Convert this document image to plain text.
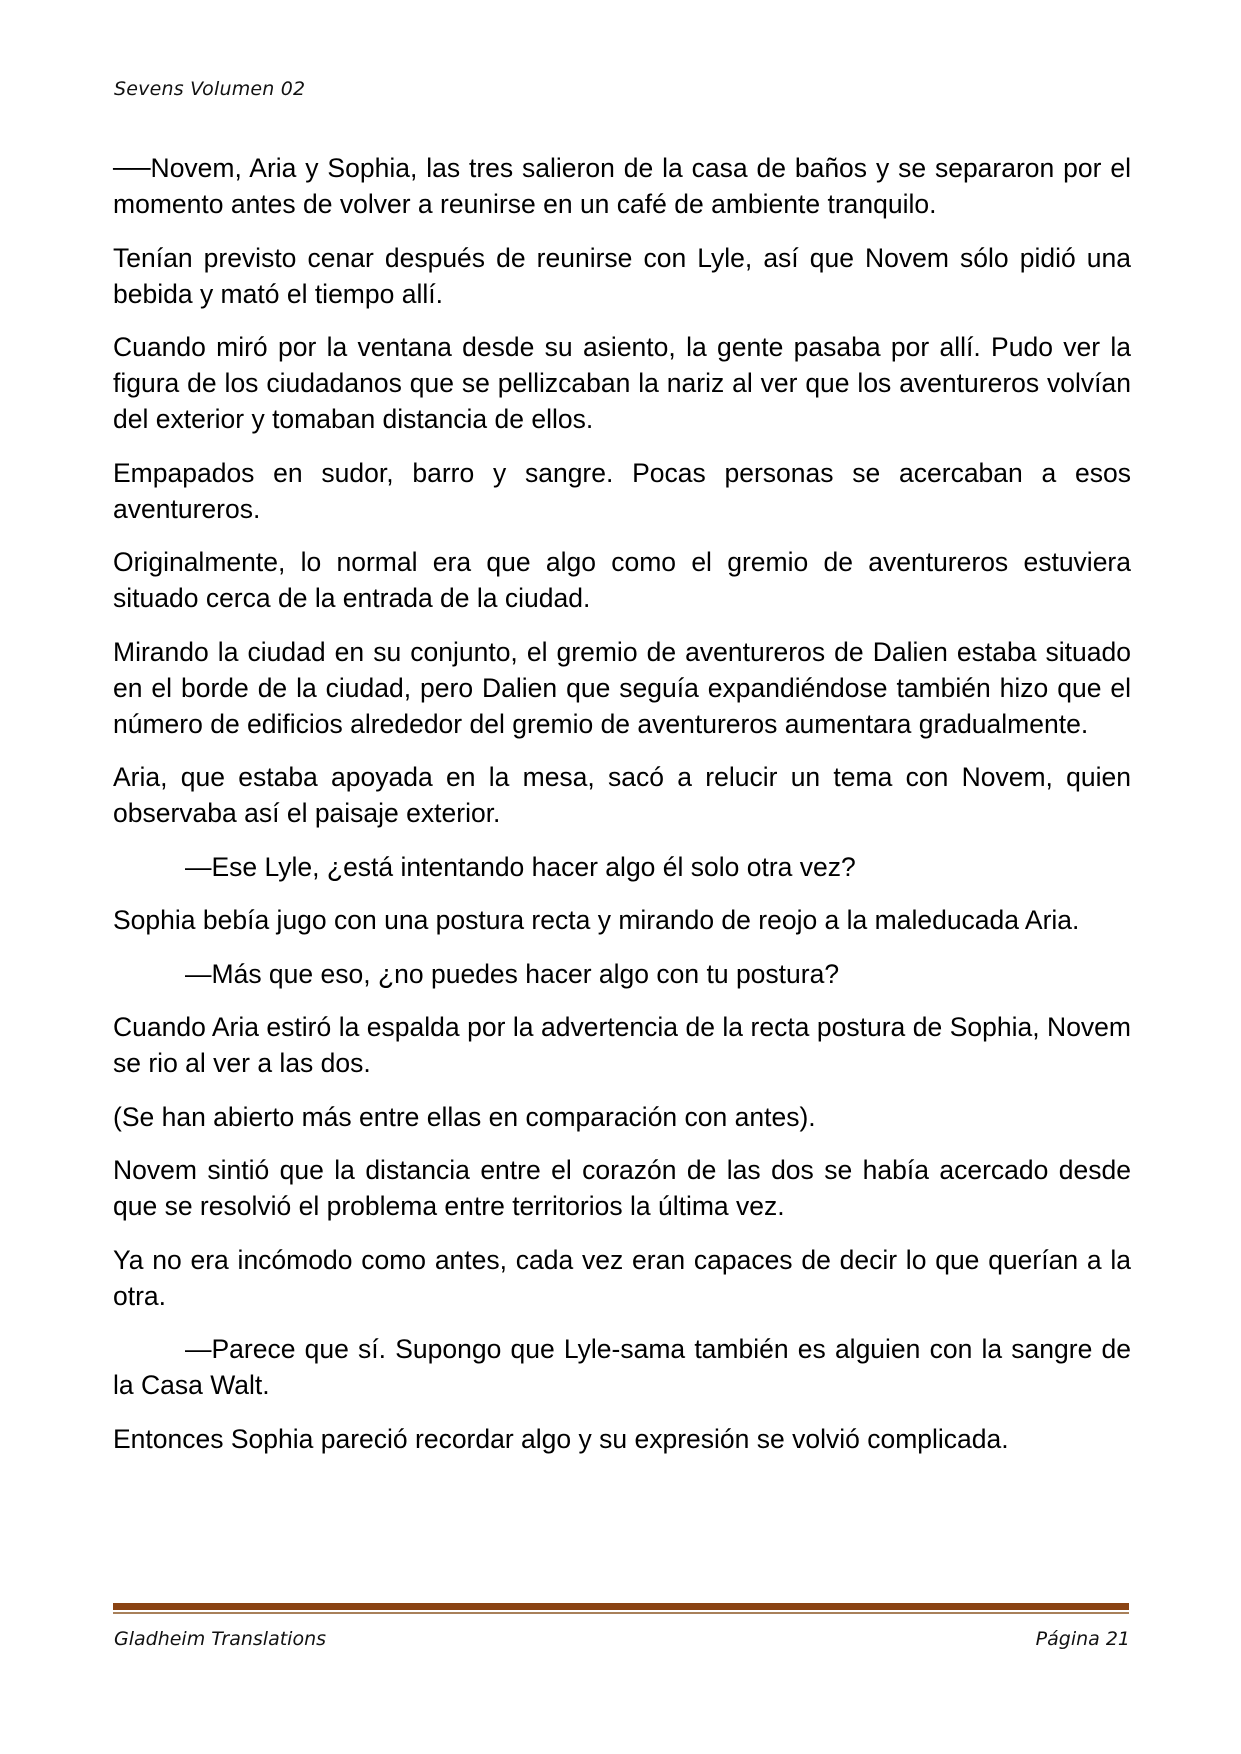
Sevens Volumen 02

──Novem, Aria y Sophia, las tres salieron de la casa de baños y se separaron por el momento antes de volver a reunirse en un café de ambiente tranquilo.

Tenían previsto cenar después de reunirse con Lyle, así que Novem sólo pidió una bebida y mató el tiempo allí.

Cuando miró por la ventana desde su asiento, la gente pasaba por allí. Pudo ver la figura de los ciudadanos que se pellizcaban la nariz al ver que los aventureros volvían del exterior y tomaban distancia de ellos.

Empapados en sudor, barro y sangre. Pocas personas se acercaban a esos aventureros.

Originalmente, lo normal era que algo como el gremio de aventureros estuviera situado cerca de la entrada de la ciudad.

Mirando la ciudad en su conjunto, el gremio de aventureros de Dalien estaba situado en el borde de la ciudad, pero Dalien que seguía expandiéndose también hizo que el número de edificios alrededor del gremio de aventureros aumentara gradualmente.

Aria, que estaba apoyada en la mesa, sacó a relucir un tema con Novem, quien observaba así el paisaje exterior.

—Ese Lyle, ¿está intentando hacer algo él solo otra vez?

Sophia bebía jugo con una postura recta y mirando de reojo a la maleducada Aria.

—Más que eso, ¿no puedes hacer algo con tu postura?

Cuando Aria estiró la espalda por la advertencia de la recta postura de Sophia, Novem se rio al ver a las dos.

(Se han abierto más entre ellas en comparación con antes).

Novem sintió que la distancia entre el corazón de las dos se había acercado desde que se resolvió el problema entre territorios la última vez.

Ya no era incómodo como antes, cada vez eran capaces de decir lo que querían a la otra.

—Parece que sí. Supongo que Lyle-sama también es alguien con la sangre de la Casa Walt.

Entonces Sophia pareció recordar algo y su expresión se volvió complicada.

Gladheim Translations	Página 21
